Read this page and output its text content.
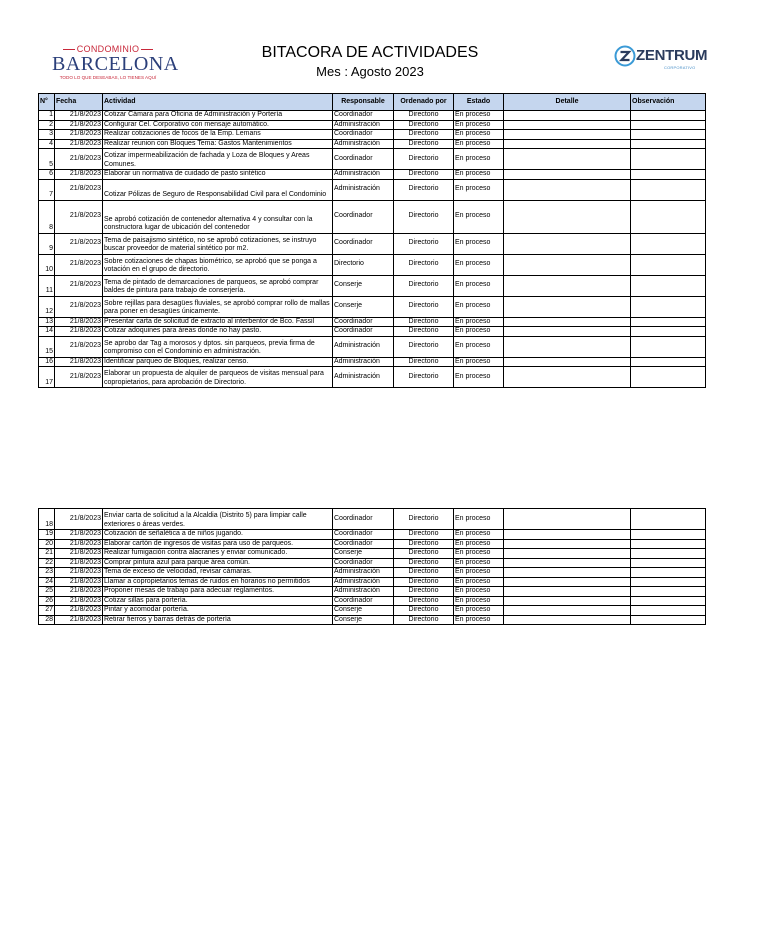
CONDOMINIO
BARCELONA
TODO LO QUE DESEABAS, LO TIENES AQUÍ
BITACORA DE ACTIVIDADES
Mes : Agosto 2023
ZENTRUM
CORPORATIVO
N°	Fecha	Actividad	Responsable	Ordenado por	Estado	Detalle	Observación
1	21/8/2023	Cotizar Cámara para Oficina de Administración y Portería	Coordinador	Directorio	En proceso		
2	21/8/2023	Configurar Cel. Corporativo con mensaje automático.	Administración	Directorio	En proceso		
3	21/8/2023	Realizar cotizaciones de focos de la Emp. Lemans	Coordinador	Directorio	En proceso		
4	21/8/2023	Realizar reunion con Bloques Tema: Gastos Mantenimientos	Administración	Directorio	En proceso		
5	21/8/2023	Cotizar impermeabilización de fachada y Loza de Bloques y Areas Comunes.	Coordinador	Directorio	En proceso		
6	21/8/2023	Elaborar un normativa de cuidado de pasto sintético	Administración	Directorio	En proceso		
7	21/8/2023	Cotizar Pólizas de Seguro de Responsabilidad Civil para el Condominio	Administración	Directorio	En proceso		
8	21/8/2023	Se aprobó cotización de contenedor alternativa 4 y consultar con la constructora lugar de ubicación del contenedor	Coordinador	Directorio	En proceso		
9	21/8/2023	Tema de paisajismo sintético, no se aprobó cotizaciones, se instruyo buscar proveedor de material sintético por m2.	Coordinador	Directorio	En proceso		
10	21/8/2023	Sobre cotizaciones de chapas biométrico, se aprobó que se ponga a votación en el grupo de directorio.	Directorio	Directorio	En proceso		
11	21/8/2023	Tema de pintado de demarcaciones de parqueos, se aprobó comprar baldes de pintura para trabajo de conserjería.	Conserje	Directorio	En proceso		
12	21/8/2023	Sobre rejillas para desagües fluviales, se aprobó comprar rollo de mallas para poner en desagües únicamente.	Conserje	Directorio	En proceso		
13	21/8/2023	Presentar carta de solicitud de extracto al interbentor de Bco. Fassil	Coordinador	Directorio	En proceso		
14	21/8/2023	Cotizar adoquines para áreas donde no hay pasto.	Coordinador	Directorio	En proceso		
15	21/8/2023	Se aprobo dar Tag a morosos y dptos. sin parqueos, previa firma de compromiso con el Condominio en administración.	Administración	Directorio	En proceso		
16	21/8/2023	Identificar parqueo de Bloques, realizar censo.	Administración	Directorio	En proceso		
17	21/8/2023	Elaborar un propuesta de alquiler de parqueos de visitas mensual para copropietarios, para aprobación de Directorio.	Administración	Directorio	En proceso		
18	21/8/2023	Enviar carta de solicitud a la Alcaldia (Distrito 5) para limpiar calle exteriores o áreas verdes.	Coordinador	Directorio	En proceso		
19	21/8/2023	Cotización de señalética a de niños jugando.	Coordinador	Directorio	En proceso		
20	21/8/2023	Elaborar cartón de ingresos de visitas para uso de parqueos.	Coordinador	Directorio	En proceso		
21	21/8/2023	Realizar fumigación contra alacranes y enviar comunicado.	Conserje	Directorio	En proceso		
22	21/8/2023	Comprar pintura azul para parque área común.	Coordinador	Directorio	En proceso		
23	21/8/2023	Tema de exceso de velocidad, revisar cámaras.	Administración	Directorio	En proceso		
24	21/8/2023	Llamar a copropietarios temas de ruidos en horarios no permitidos	Administración	Directorio	En proceso		
25	21/8/2023	Proponer mesas de trabajo para adecuar reglamentos.	Administración	Directorio	En proceso		
26	21/8/2023	Cotizar sillas para portería.	Coordinador	Directorio	En proceso		
27	21/8/2023	Pintar y acomodar portería.	Conserje	Directorio	En proceso		
28	21/8/2023	Retirar fierros y barras detrás de portería	Conserje	Directorio	En proceso		
